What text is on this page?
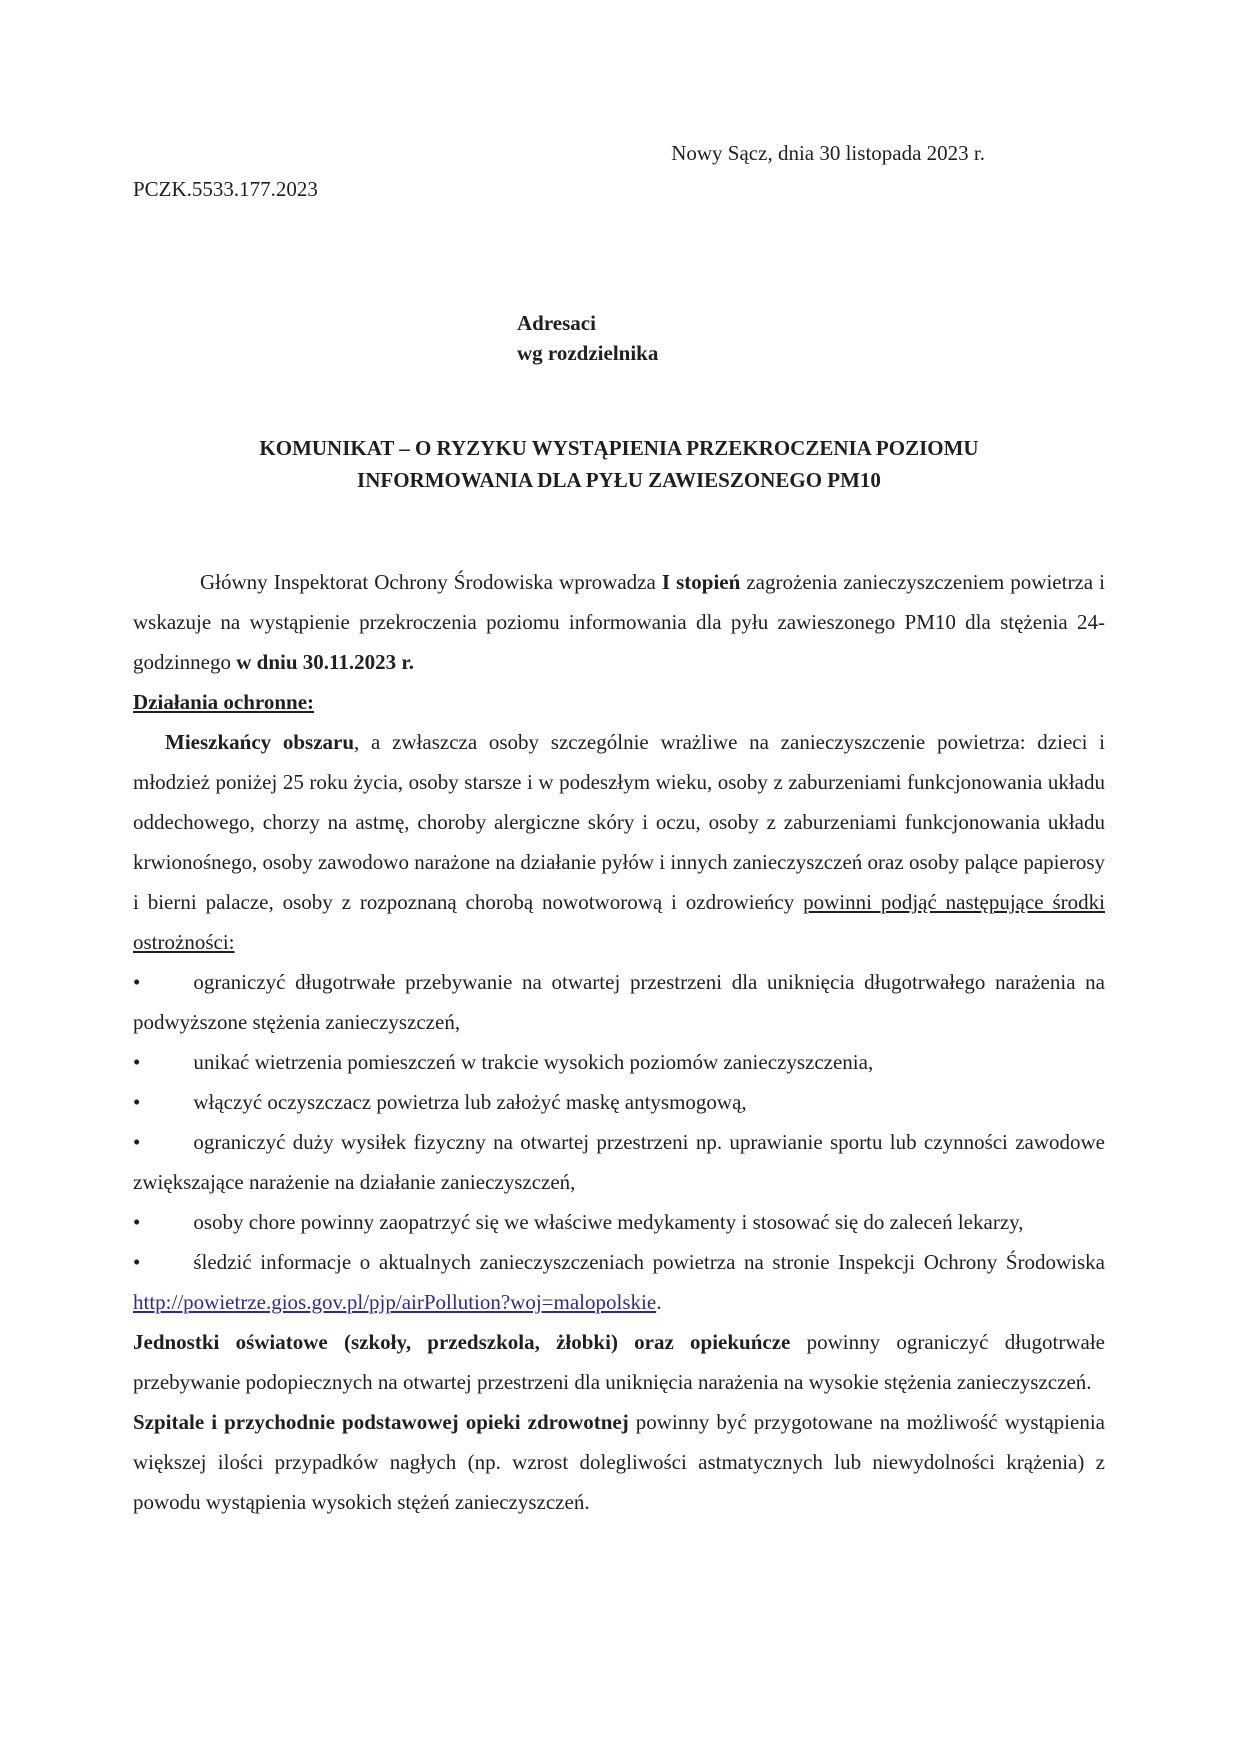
Nowy Sącz, dnia 30 listopada 2023 r.

PCZK.5533.177.2023

Adresaci
wg rozdzielnika
KOMUNIKAT – O RYZYKU WYSTĄPIENIA PRZEKROCZENIA POZIOMU
INFORMOWANIA DLA PYŁU ZAWIESZONEGO PM10

Główny Inspektorat Ochrony Środowiska wprowadza I stopień zagrożenia zanieczyszczeniem powietrza i wskazuje na wystąpienie przekroczenia poziomu informowania dla pyłu zawieszonego PM10 dla stężenia 24-godzinnego w dniu 30.11.2023 r.

Działania ochronne:

Mieszkańcy obszaru, a zwłaszcza osoby szczególnie wrażliwe na zanieczyszczenie powietrza: dzieci i młodzież poniżej 25 roku życia, osoby starsze i w podeszłym wieku, osoby z zaburzeniami funkcjonowania układu oddechowego, chorzy na astmę, choroby alergiczne skóry i oczu, osoby z zaburzeniami funkcjonowania układu krwionośnego, osoby zawodowo narażone na działanie pyłów i innych zanieczyszczeń oraz osoby palące papierosy i bierni palacze, osoby z rozpoznaną chorobą nowotworową i ozdrowieńcy powinni podjąć następujące środki ostrożności:

•	ograniczyć długotrwałe przebywanie na otwartej przestrzeni dla uniknięcia długotrwałego narażenia na podwyższone stężenia zanieczyszczeń,

•	unikać wietrzenia pomieszczeń w trakcie wysokich poziomów zanieczyszczenia,

•	włączyć oczyszczacz powietrza lub założyć maskę antysmogową,

•	ograniczyć duży wysiłek fizyczny na otwartej przestrzeni np. uprawianie sportu lub czynności zawodowe zwiększające narażenie na działanie zanieczyszczeń,

•	osoby chore powinny zaopatrzyć się we właściwe medykamenty i stosować się do zaleceń lekarzy,

•	śledzić informacje o aktualnych zanieczyszczeniach powietrza na stronie Inspekcji Ochrony Środowiska http://powietrze.gios.gov.pl/pjp/airPollution?woj=malopolskie.

Jednostki oświatowe (szkoły, przedszkola, żłobki) oraz opiekuńcze powinny ograniczyć długotrwałe przebywanie podopiecznych na otwartej przestrzeni dla uniknięcia narażenia na wysokie stężenia zanieczyszczeń.

Szpitale i przychodnie podstawowej opieki zdrowotnej powinny być przygotowane na możliwość wystąpienia większej ilości przypadków nagłych (np. wzrost dolegliwości astmatycznych lub niewydolności krążenia) z powodu wystąpienia wysokich stężeń zanieczyszczeń.
